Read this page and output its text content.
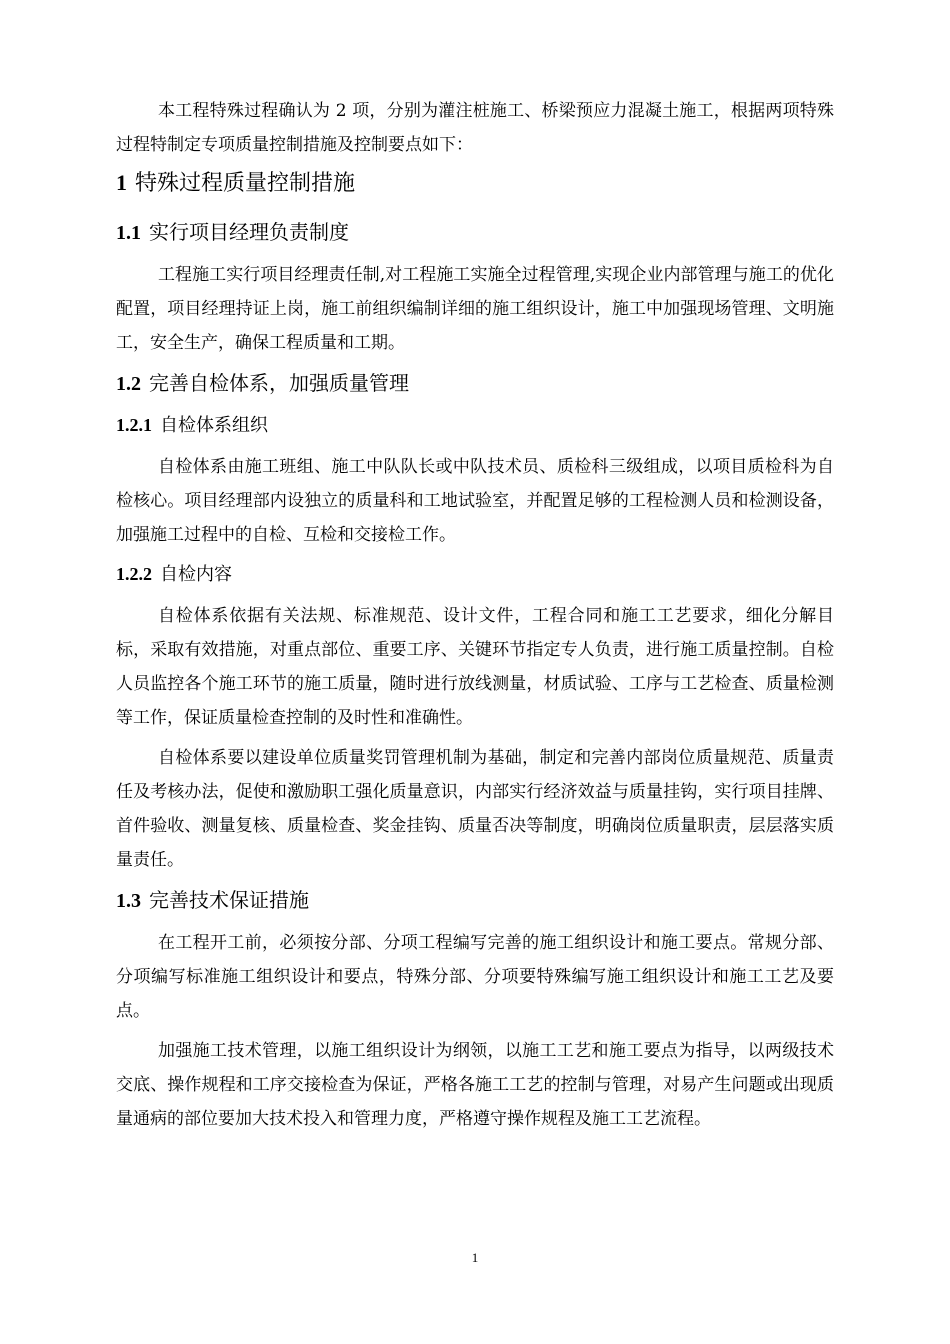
本工程特殊过程确认为 2 项，分别为灌注桩施工、桥梁预应力混凝土施工，根据两项特殊过程特制定专项质量控制措施及控制要点如下：

1 特殊过程质量控制措施
1.1 实行项目经理负责制度

工程施工实行项目经理责任制,对工程施工实施全过程管理,实现企业内部管理与施工的优化配置，项目经理持证上岗，施工前组织编制详细的施工组织设计，施工中加强现场管理、文明施工，安全生产，确保工程质量和工期。

1.2 完善自检体系，加强质量管理
1.2.1 自检体系组织

自检体系由施工班组、施工中队队长或中队技术员、质检科三级组成，以项目质检科为自检核心。项目经理部内设独立的质量科和工地试验室，并配置足够的工程检测人员和检测设备，加强施工过程中的自检、互检和交接检工作。

1.2.2 自检内容

自检体系依据有关法规、标准规范、设计文件，工程合同和施工工艺要求，细化分解目标，采取有效措施，对重点部位、重要工序、关键环节指定专人负责，进行施工质量控制。自检人员监控各个施工环节的施工质量，随时进行放线测量，材质试验、工序与工艺检查、质量检测等工作，保证质量检查控制的及时性和准确性。

自检体系要以建设单位质量奖罚管理机制为基础，制定和完善内部岗位质量规范、质量责任及考核办法，促使和激励职工强化质量意识，内部实行经济效益与质量挂钩，实行项目挂牌、首件验收、测量复核、质量检查、奖金挂钩、质量否决等制度，明确岗位质量职责，层层落实质量责任。

1.3 完善技术保证措施

在工程开工前，必须按分部、分项工程编写完善的施工组织设计和施工要点。常规分部、分项编写标准施工组织设计和要点，特殊分部、分项要特殊编写施工组织设计和施工工艺及要点。

加强施工技术管理，以施工组织设计为纲领，以施工工艺和施工要点为指导，以两级技术交底、操作规程和工序交接检查为保证，严格各施工工艺的控制与管理，对易产生问题或出现质量通病的部位要加大技术投入和管理力度，严格遵守操作规程及施工工艺流程。

1
